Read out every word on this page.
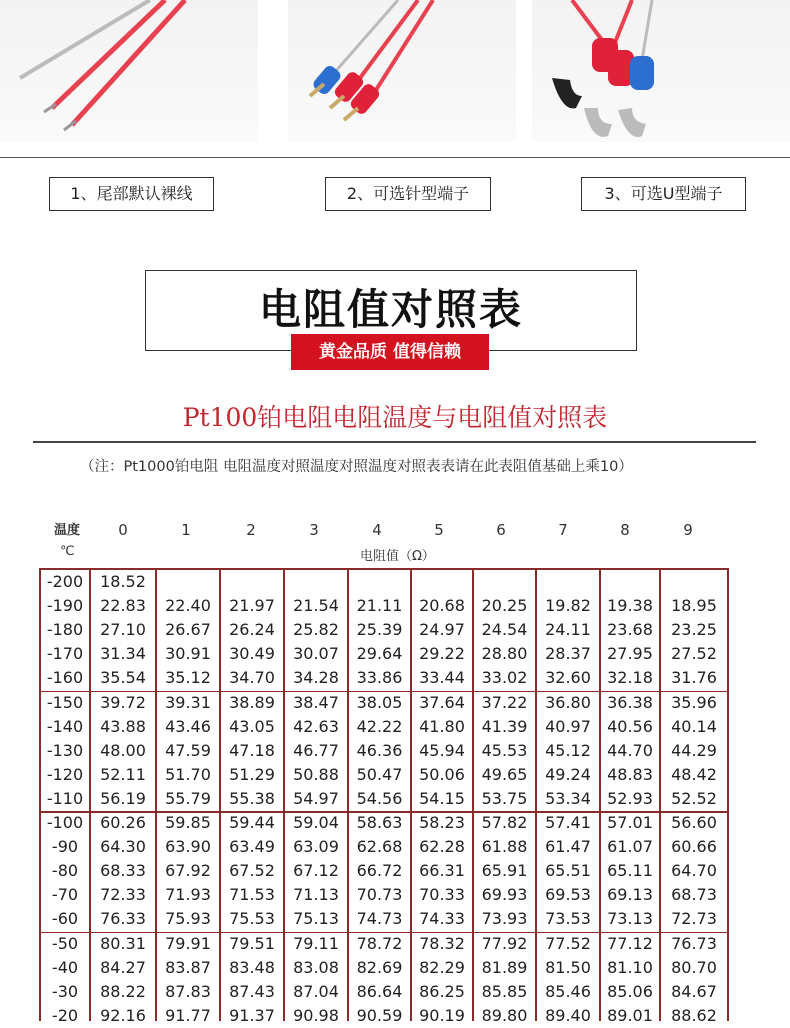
1、尾部默认裸线	2、可选针型端子	3、可选U型端子
电阻值对照表
黄金品质 值得信赖
Pt100铂电阻电阻温度与电阻值对照表
（注：Pt1000铂电阻 电阻温度对照温度对照温度对照表表请在此表阻值基础上乘10）
温度
℃	电阻值（Ω）
0	1	2	3	4	5	6	7	8	9
-200	18.52
-190	22.83	22.40	21.97	21.54	21.11	20.68	20.25	19.82	19.38	18.95
-180	27.10	26.67	26.24	25.82	25.39	24.97	24.54	24.11	23.68	23.25
-170	31.34	30.91	30.49	30.07	29.64	29.22	28.80	28.37	27.95	27.52
-160	35.54	35.12	34.70	34.28	33.86	33.44	33.02	32.60	32.18	31.76
-150	39.72	39.31	38.89	38.47	38.05	37.64	37.22	36.80	36.38	35.96
-140	43.88	43.46	43.05	42.63	42.22	41.80	41.39	40.97	40.56	40.14
-130	48.00	47.59	47.18	46.77	46.36	45.94	45.53	45.12	44.70	44.29
-120	52.11	51.70	51.29	50.88	50.47	50.06	49.65	49.24	48.83	48.42
-110	56.19	55.79	55.38	54.97	54.56	54.15	53.75	53.34	52.93	52.52
-100	60.26	59.85	59.44	59.04	58.63	58.23	57.82	57.41	57.01	56.60
-90	64.30	63.90	63.49	63.09	62.68	62.28	61.88	61.47	61.07	60.66
-80	68.33	67.92	67.52	67.12	66.72	66.31	65.91	65.51	65.11	64.70
-70	72.33	71.93	71.53	71.13	70.73	70.33	69.93	69.53	69.13	68.73
-60	76.33	75.93	75.53	75.13	74.73	74.33	73.93	73.53	73.13	72.73
-50	80.31	79.91	79.51	79.11	78.72	78.32	77.92	77.52	77.12	76.73
-40	84.27	83.87	83.48	83.08	82.69	82.29	81.89	81.50	81.10	80.70
-30	88.22	87.83	87.43	87.04	86.64	86.25	85.85	85.46	85.06	84.67
-20	92.16	91.77	91.37	90.98	90.59	90.19	89.80	89.40	89.01	88.62
